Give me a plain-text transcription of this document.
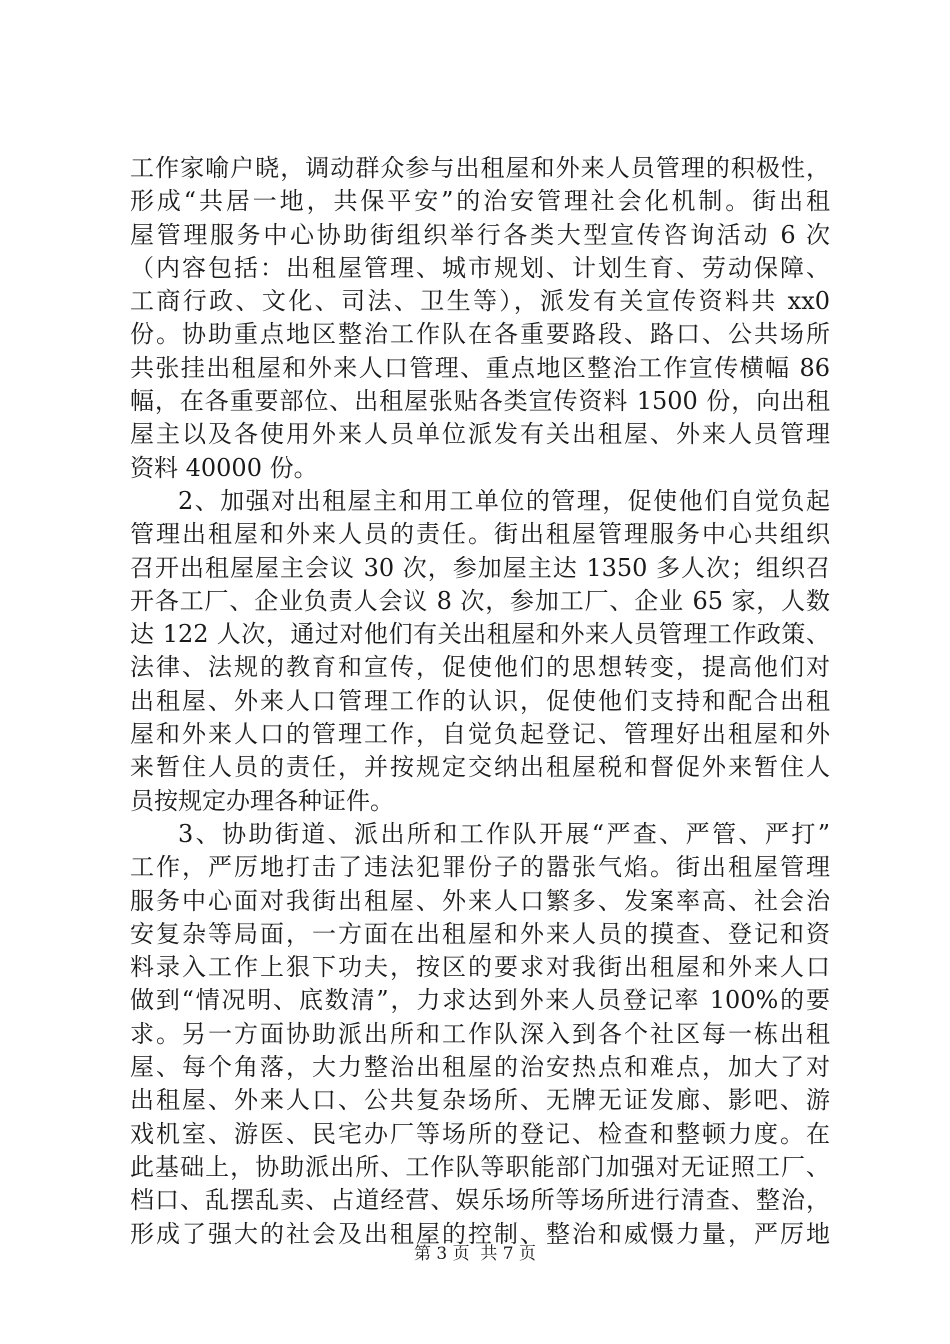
工作家喻户晓，调动群众参与出租屋和外来人员管理的积极性，
形成“共居一地，共保平安”的治安管理社会化机制。街出租
屋管理服务中心协助街组织举行各类大型宣传咨询活动 6 次
（内容包括：出租屋管理、城市规划、计划生育、劳动保障、
工商行政、文化、司法、卫生等），派发有关宣传资料共 xx0
份。协助重点地区整治工作队在各重要路段、路口、公共场所
共张挂出租屋和外来人口管理、重点地区整治工作宣传横幅 86
幅，在各重要部位、出租屋张贴各类宣传资料 1500 份，向出租
屋主以及各使用外来人员单位派发有关出租屋、外来人员管理
资料 40000 份。
2、加强对出租屋主和用工单位的管理，促使他们自觉负起
管理出租屋和外来人员的责任。街出租屋管理服务中心共组织
召开出租屋屋主会议 30 次，参加屋主达 1350 多人次；组织召
开各工厂、企业负责人会议 8 次，参加工厂、企业 65 家，人数
达 122 人次，通过对他们有关出租屋和外来人员管理工作政策、
法律、法规的教育和宣传，促使他们的思想转变，提高他们对
出租屋、外来人口管理工作的认识，促使他们支持和配合出租
屋和外来人口的管理工作，自觉负起登记、管理好出租屋和外
来暂住人员的责任，并按规定交纳出租屋税和督促外来暂住人
员按规定办理各种证件。
3、协助街道、派出所和工作队开展“严查、严管、严打”
工作，严厉地打击了违法犯罪份子的嚣张气焰。街出租屋管理
服务中心面对我街出租屋、外来人口繁多、发案率高、社会治
安复杂等局面，一方面在出租屋和外来人员的摸查、登记和资
料录入工作上狠下功夫，按区的要求对我街出租屋和外来人口
做到“情况明、底数清”，力求达到外来人员登记率 100%的要
求。另一方面协助派出所和工作队深入到各个社区每一栋出租
屋、每个角落，大力整治出租屋的治安热点和难点，加大了对
出租屋、外来人口、公共复杂场所、无牌无证发廊、影吧、游
戏机室、游医、民宅办厂等场所的登记、检查和整顿力度。在
此基础上，协助派出所、工作队等职能部门加强对无证照工厂、
档口、乱摆乱卖、占道经营、娱乐场所等场所进行清查、整治，
形成了强大的社会及出租屋的控制、整治和威慑力量，严厉地
第 3 页  共 7 页
